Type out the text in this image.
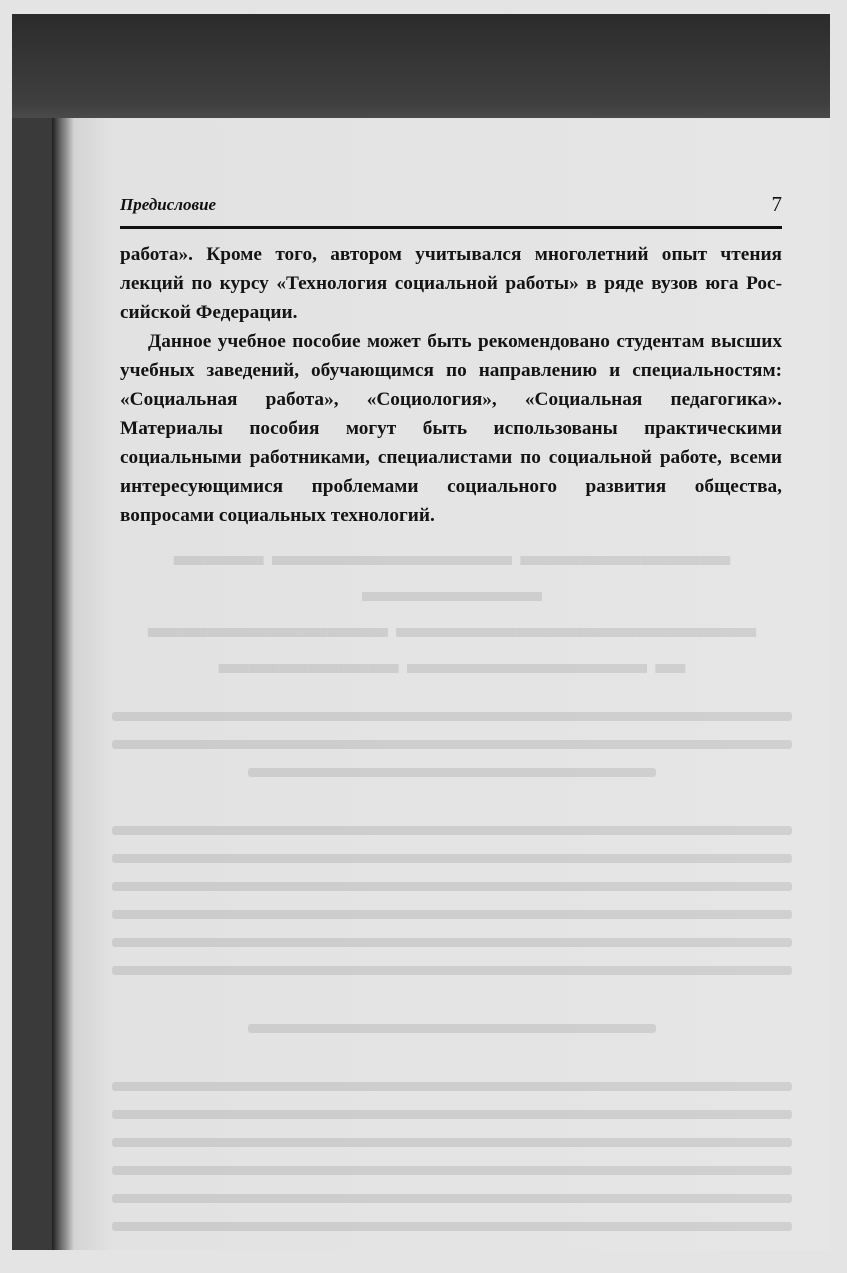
▬▬▬▬▬▬▬ ▬▬▬▬▬▬▬▬ ▬▬▬ ▬▬▬▬▬▬
▬▬▬▬▬▬▬▬▬▬▬▬ ▬▬▬▬▬▬▬▬
▬ ▬▬▬▬▬▬▬▬ ▬▬▬▬▬▬
Предисловие	7

работа». Кроме того, автором учитывался многолетний опыт чтения лекций по курсу «Технология социальной работы» в ряде вузов юга Российской Федерации.

Данное учебное пособие может быть рекомендовано студентам высших учебных заведений, обучающимся по направлению и специальностям: «Социальная работа», «Социология», «Социальная педагогика». Материалы пособия могут быть использованы практическими социальными работниками, специалистами по социальной работе, всеми интересующимися проблемами социального развития общества, вопросами социальных технологий.
